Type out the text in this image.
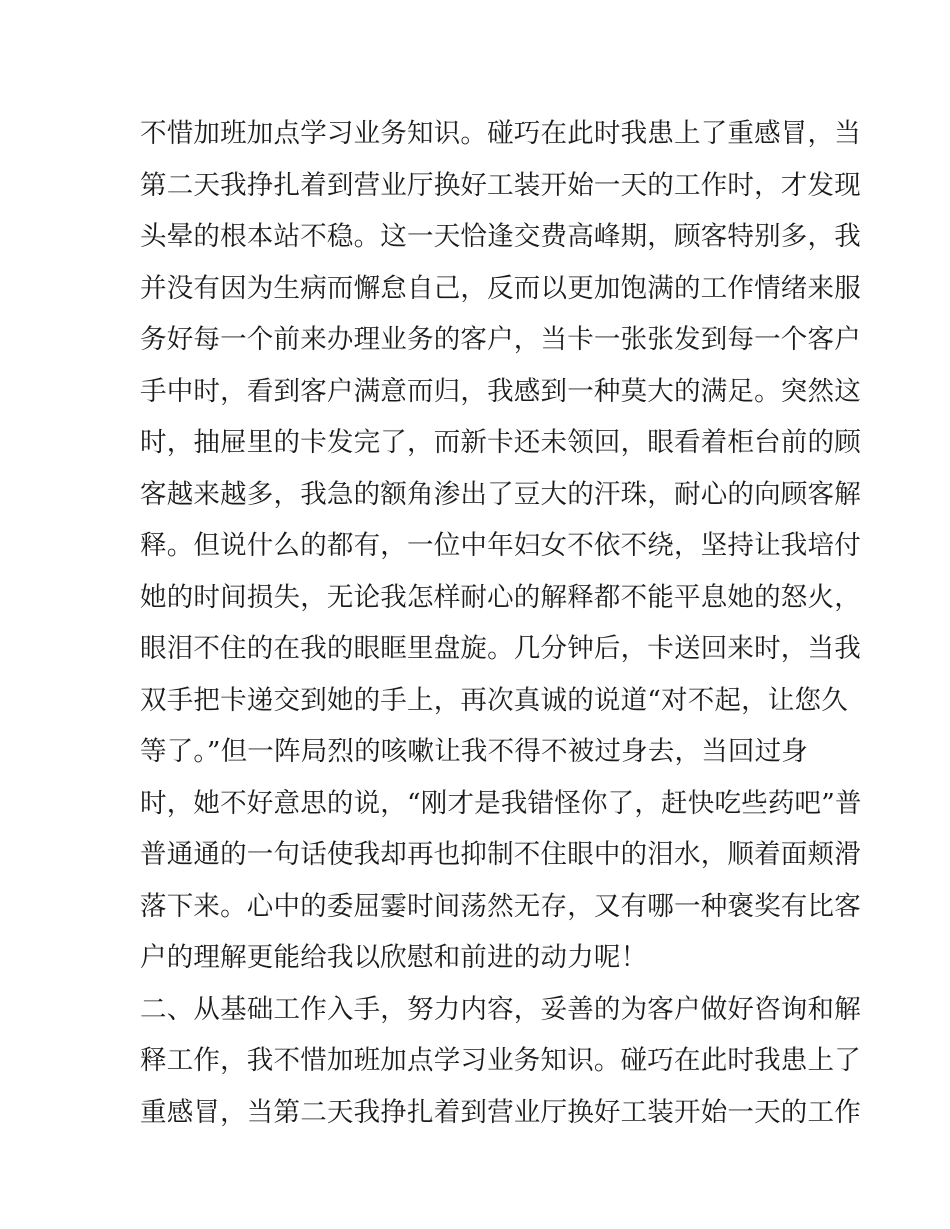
不惜加班加点学习业务知识。碰巧在此时我患上了重感冒，当
第二天我挣扎着到营业厅换好工装开始一天的工作时，才发现
头晕的根本站不稳。这一天恰逢交费高峰期，顾客特别多，我
并没有因为生病而懈怠自己，反而以更加饱满的工作情绪来服
务好每一个前来办理业务的客户，当卡一张张发到每一个客户
手中时，看到客户满意而归，我感到一种莫大的满足。突然这
时，抽屉里的卡发完了，而新卡还未领回，眼看着柜台前的顾
客越来越多，我急的额角渗出了豆大的汗珠，耐心的向顾客解
释。但说什么的都有，一位中年妇女不依不绕，坚持让我培付
她的时间损失，无论我怎样耐心的解释都不能平息她的怒火，
眼泪不住的在我的眼眶里盘旋。几分钟后，卡送回来时，当我
双手把卡递交到她的手上，再次真诚的说道“对不起，让您久
等了。”但一阵局烈的咳嗽让我不得不被过身去，当回过身
时，她不好意思的说，“刚才是我错怪你了，赶快吃些药吧”普
普通通的一句话使我却再也抑制不住眼中的泪水，顺着面颊滑
落下来。心中的委屈霎时间荡然无存，又有哪一种褒奖有比客
户的理解更能给我以欣慰和前进的动力呢！
二、从基础工作入手，努力内容，妥善的为客户做好咨询和解
释工作，我不惜加班加点学习业务知识。碰巧在此时我患上了
重感冒，当第二天我挣扎着到营业厅换好工装开始一天的工作
